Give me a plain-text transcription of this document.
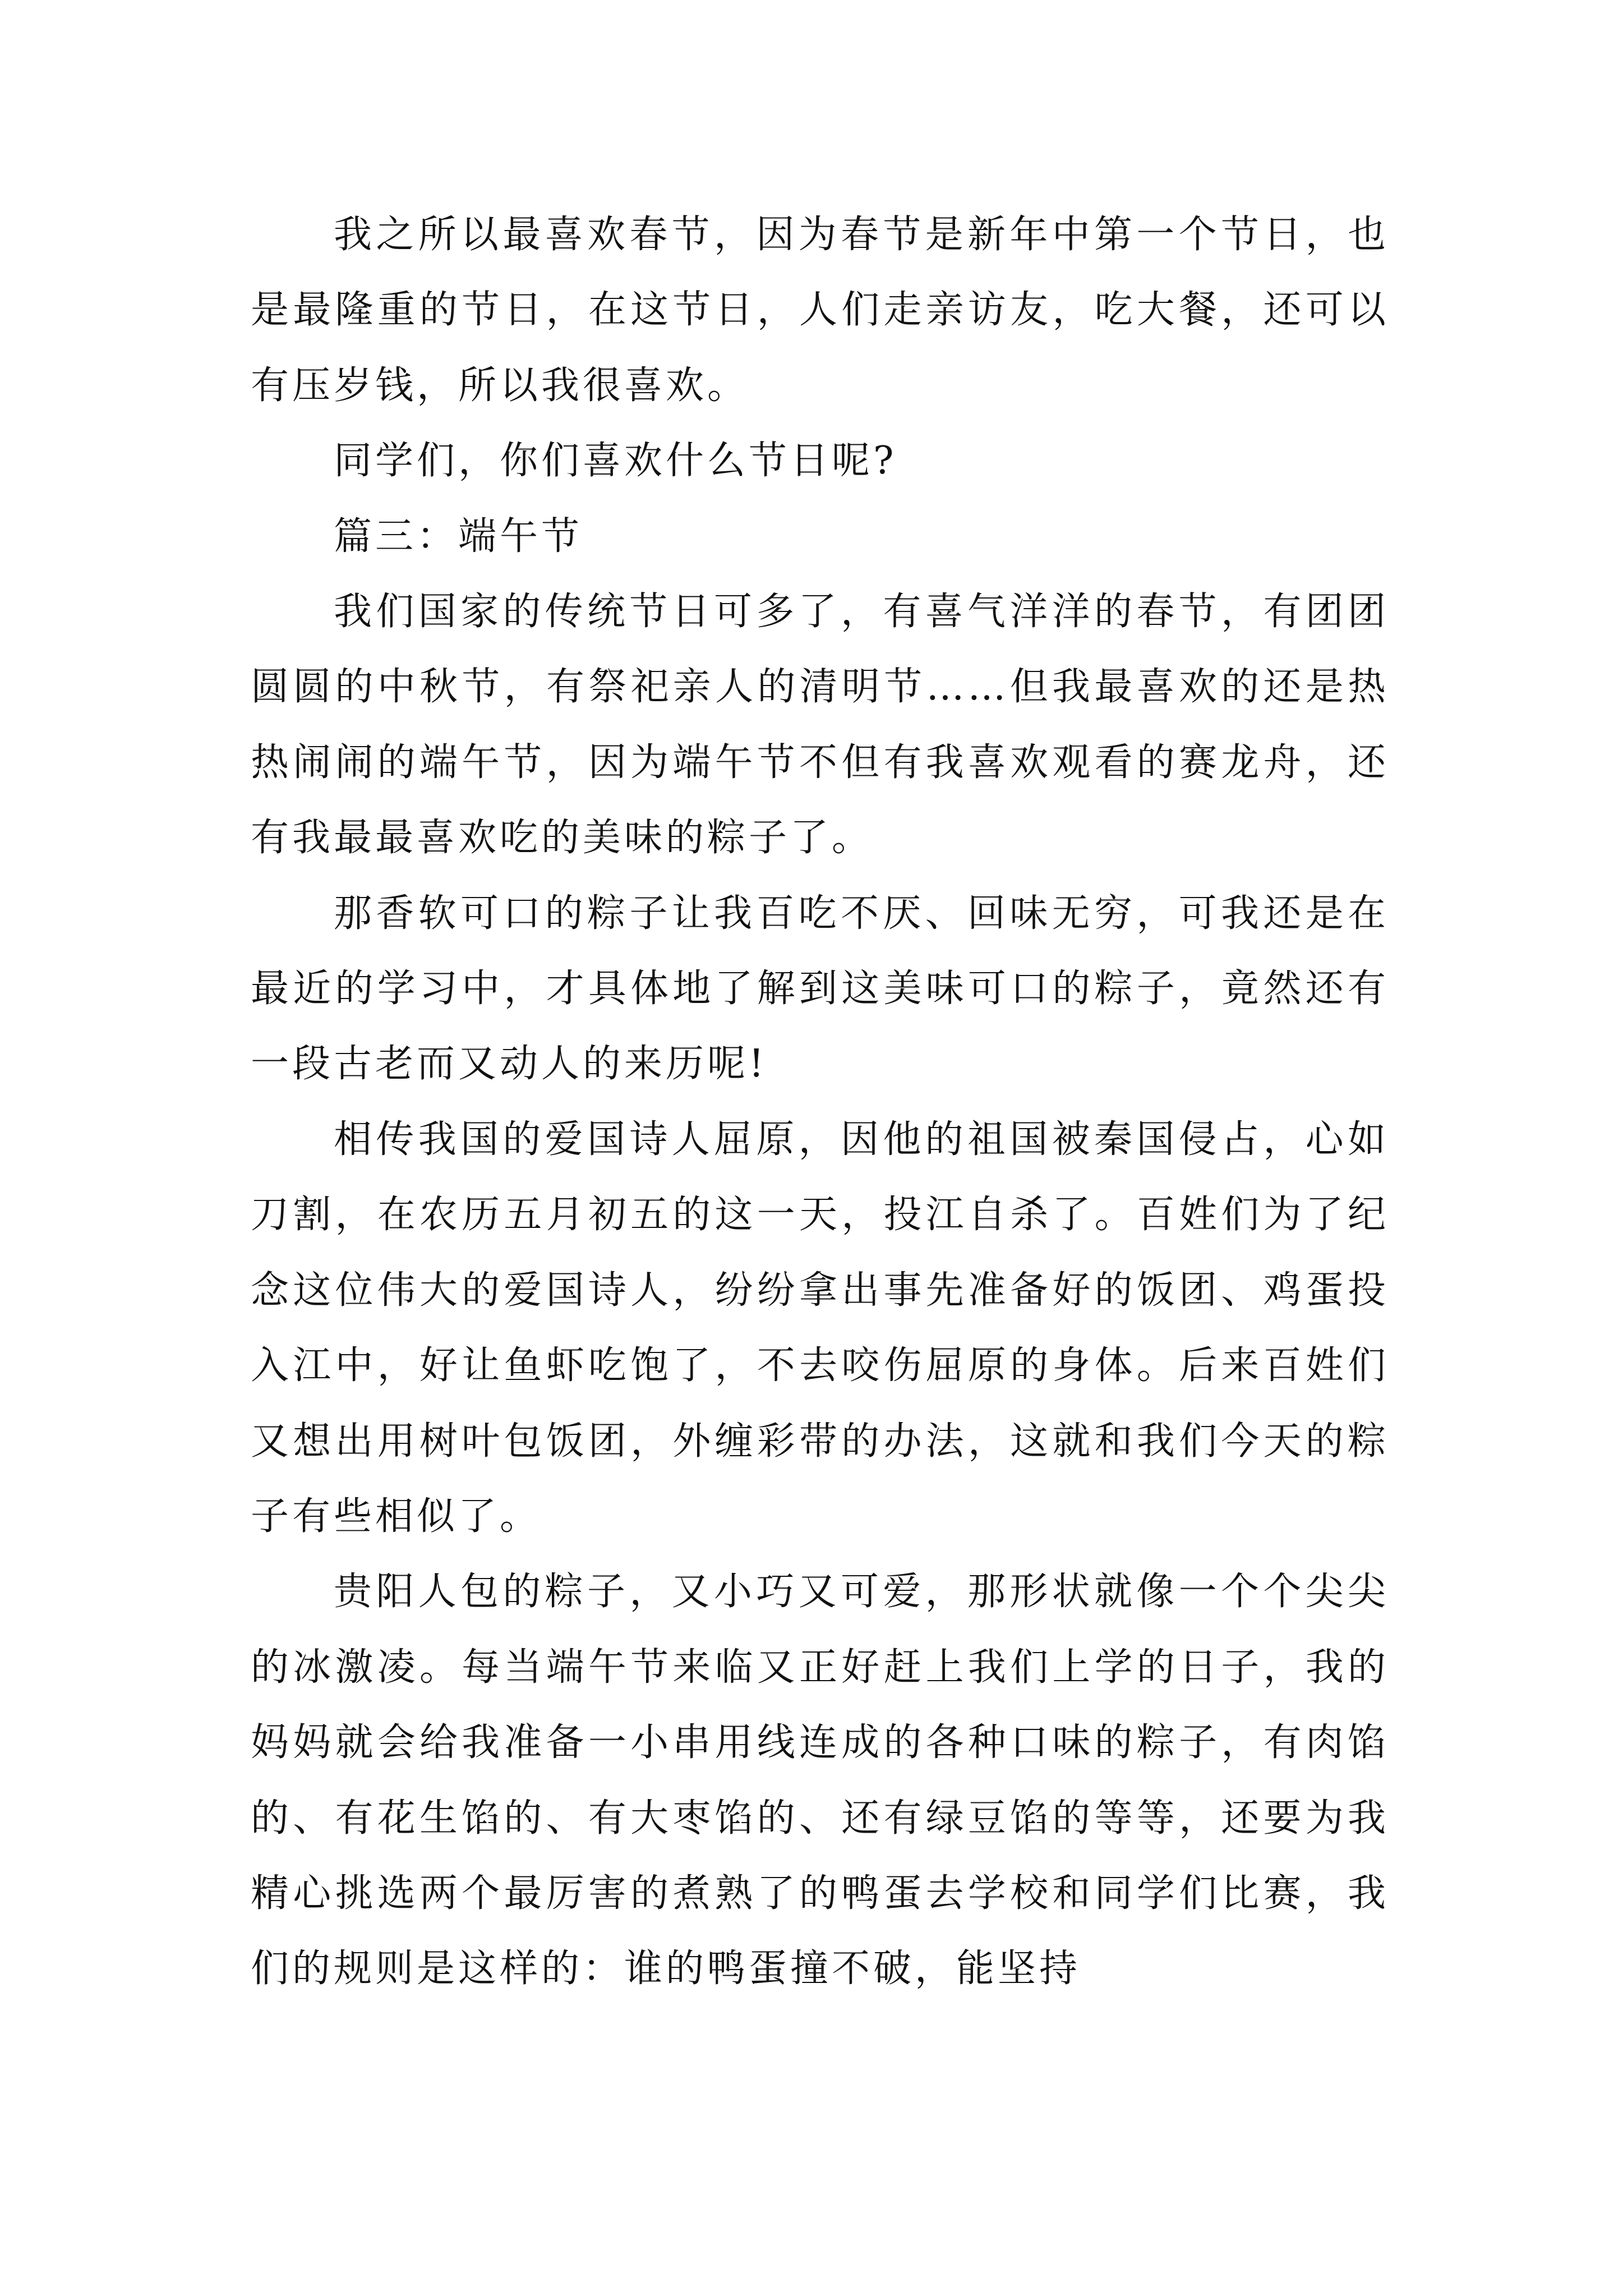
我之所以最喜欢春节，因为春节是新年中第一个节日，也是最隆重的节日，在这节日，人们走亲访友，吃大餐，还可以有压岁钱，所以我很喜欢。

同学们，你们喜欢什么节日呢?

篇三：端午节

我们国家的传统节日可多了，有喜气洋洋的春节，有团团圆圆的中秋节，有祭祀亲人的清明节……但我最喜欢的还是热热闹闹的端午节，因为端午节不但有我喜欢观看的赛龙舟，还有我最最喜欢吃的美味的粽子了。

那香软可口的粽子让我百吃不厌、回味无穷，可我还是在最近的学习中，才具体地了解到这美味可口的粽子，竟然还有一段古老而又动人的来历呢!

相传我国的爱国诗人屈原，因他的祖国被秦国侵占，心如刀割，在农历五月初五的这一天，投江自杀了。百姓们为了纪念这位伟大的爱国诗人，纷纷拿出事先准备好的饭团、鸡蛋投入江中，好让鱼虾吃饱了，不去咬伤屈原的身体。后来百姓们又想出用树叶包饭团，外缠彩带的办法，这就和我们今天的粽子有些相似了。

贵阳人包的粽子，又小巧又可爱，那形状就像一个个尖尖的冰激凌。每当端午节来临又正好赶上我们上学的日子，我的妈妈就会给我准备一小串用线连成的各种口味的粽子，有肉馅的、有花生馅的、有大枣馅的、还有绿豆馅的等等，还要为我精心挑选两个最厉害的煮熟了的鸭蛋去学校和同学们比赛，我们的规则是这样的：谁的鸭蛋撞不破，能坚持
